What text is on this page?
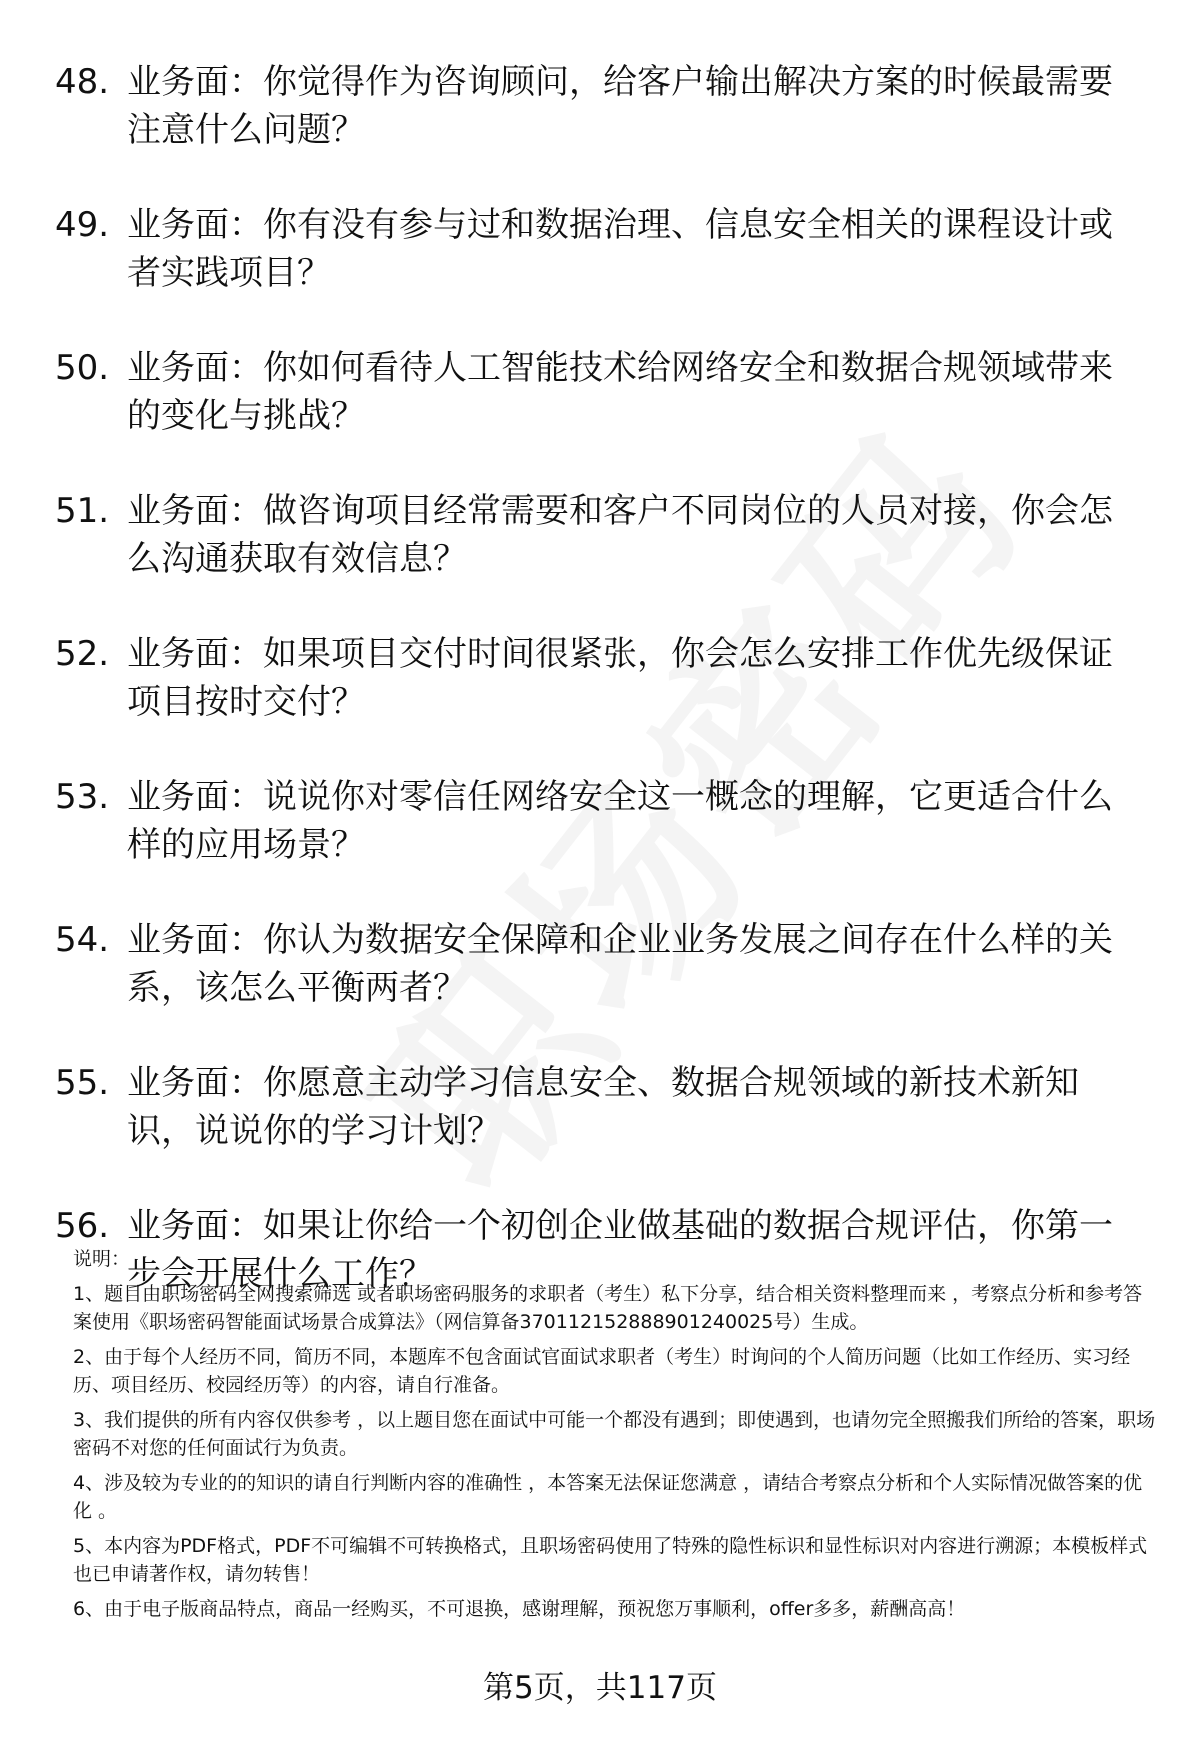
48. 业务面：你觉得作为咨询顾问，给客户输出解决方案的时候最需要注意什么问题？
49. 业务面：你有没有参与过和数据治理、信息安全相关的课程设计或者实践项目？
50. 业务面：你如何看待人工智能技术给网络安全和数据合规领域带来的变化与挑战？
51. 业务面：做咨询项目经常需要和客户不同岗位的人员对接，你会怎么沟通获取有效信息？
52. 业务面：如果项目交付时间很紧张，你会怎么安排工作优先级保证项目按时交付？
53. 业务面：说说你对零信任网络安全这一概念的理解，它更适合什么样的应用场景？
54. 业务面：你认为数据安全保障和企业业务发展之间存在什么样的关系，该怎么平衡两者？
55. 业务面：你愿意主动学习信息安全、数据合规领域的新技术新知识，说说你的学习计划？
56. 业务面：如果让你给一个初创企业做基础的数据合规评估，你第一步会开展什么工作？

说明：

1、题目由职场密码全网搜索筛选 或者职场密码服务的求职者（考生）私下分享，结合相关资料整理而来 ，考察点分析和参考答案使用《职场密码智能面试场景合成算法》（网信算备370112152888901240025号）生成。

2、由于每个人经历不同，简历不同，本题库不包含面试官面试求职者（考生）时询问的个人简历问题（比如工作经历、实习经历、项目经历、校园经历等）的内容，请自行准备。

3、我们提供的所有内容仅供参考 ，以上题目您在面试中可能一个都没有遇到；即使遇到，也请勿完全照搬我们所给的答案，职场密码不对您的任何面试行为负责。

4、涉及较为专业的的知识的请自行判断内容的准确性 ，本答案无法保证您满意 ，请结合考察点分析和个人实际情况做答案的优化 。

5、本内容为PDF格式，PDF不可编辑不可转换格式，且职场密码使用了特殊的隐性标识和显性标识对内容进行溯源；本模板样式也已申请著作权，请勿转售！

6、由于电子版商品特点，商品一经购买，不可退换，感谢理解，预祝您万事顺利，offer多多，薪酬高高！

第5页，共117页
